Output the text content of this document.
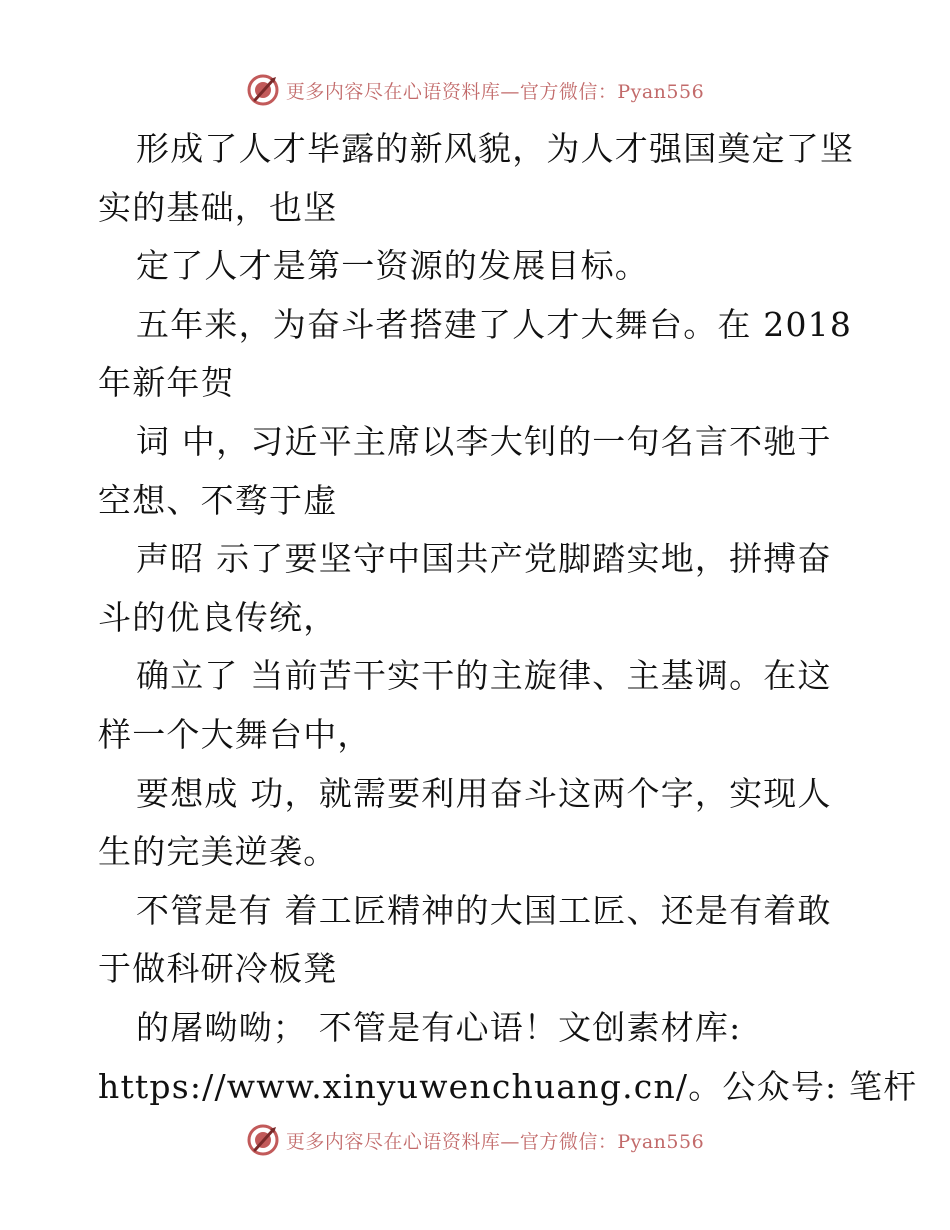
更多内容尽在心语资料库—官方微信：Pyan556
形成了人才毕露的新风貌，为人才强国奠定了坚
实的基础，也坚
定了人才是第一资源的发展目标。
五年来，为奋斗者搭建了人才大舞台。在 2018
年新年贺
词 中，习近平主席以李大钊的一句名言不驰于
空想、不骛于虚
声昭 示了要坚守中国共产党脚踏实地，拼搏奋
斗的优良传统，
确立了 当前苦干实干的主旋律、主基调。在这
样一个大舞台中，
要想成 功，就需要利用奋斗这两个字，实现人
生的完美逆袭。
不管是有 着工匠精神的大国工匠、还是有着敢
于做科研冷板凳
的屠呦呦； 不管是有心语！文创素材库:
https://www.xinyuwenchuang.cn/。公众号: 笔杆
更多内容尽在心语资料库—官方微信：Pyan556
